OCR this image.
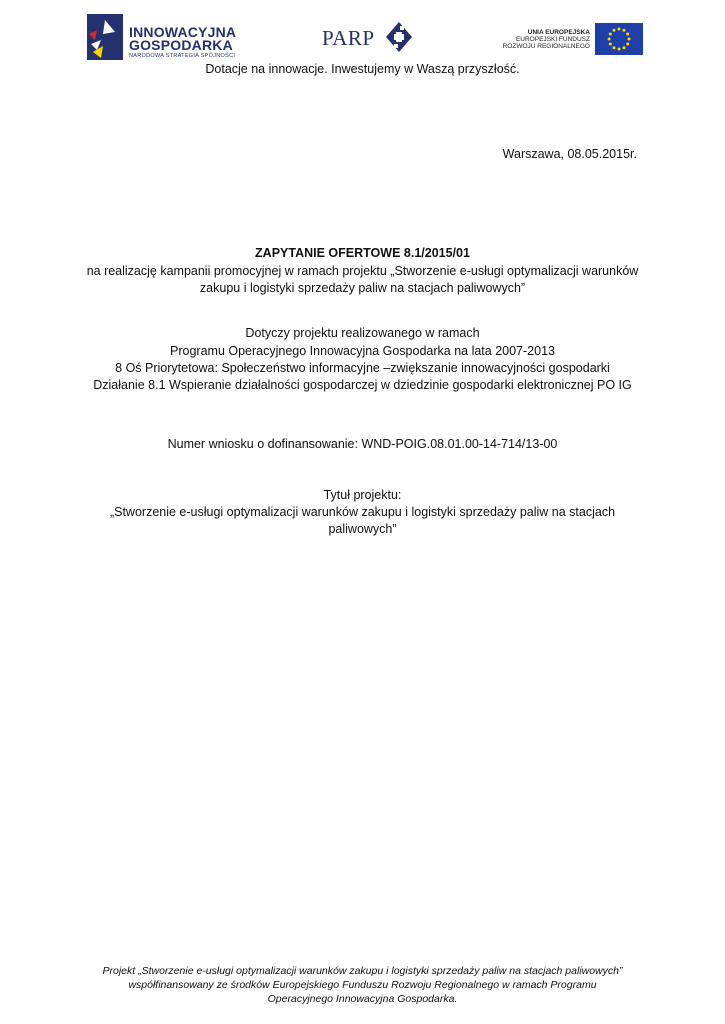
INNOWACYJNA
GOSPODARKA
NARODOWA STRATEGIA SPÓJNOŚCI
PARP	UNIA EUROPEJSKA
EUROPEJSKI FUNDUSZ
ROZWOJU REGIONALNEGO
Dotacje na innowacje. Inwestujemy w Waszą przyszłość.
Warszawa, 08.05.2015r.
ZAPYTANIE OFERTOWE 8.1/2015/01
na realizację kampanii promocyjnej w ramach projektu „Stworzenie e-usługi optymalizacji warunków
zakupu i logistyki sprzedaży paliw na stacjach paliwowych”
Dotyczy projektu realizowanego w ramach
Programu Operacyjnego Innowacyjna Gospodarka na lata 2007-2013
8 Oś Priorytetowa: Społeczeństwo informacyjne –zwiększanie innowacyjności gospodarki
Działanie 8.1 Wspieranie działalności gospodarczej w dziedzinie gospodarki elektronicznej PO IG
Numer wniosku o dofinansowanie: WND-POIG.08.01.00-14-714/13-00
Tytuł projektu:
„Stworzenie e-usługi optymalizacji warunków zakupu i logistyki sprzedaży paliw na stacjach
paliwowych”
Projekt „Stworzenie e-usługi optymalizacji warunków zakupu i logistyki sprzedaży paliw na stacjach paliwowych”
współfinansowany ze środków Europejskiego Funduszu Rozwoju Regionalnego w ramach Programu
Operacyjnego Innowacyjna Gospodarka.
